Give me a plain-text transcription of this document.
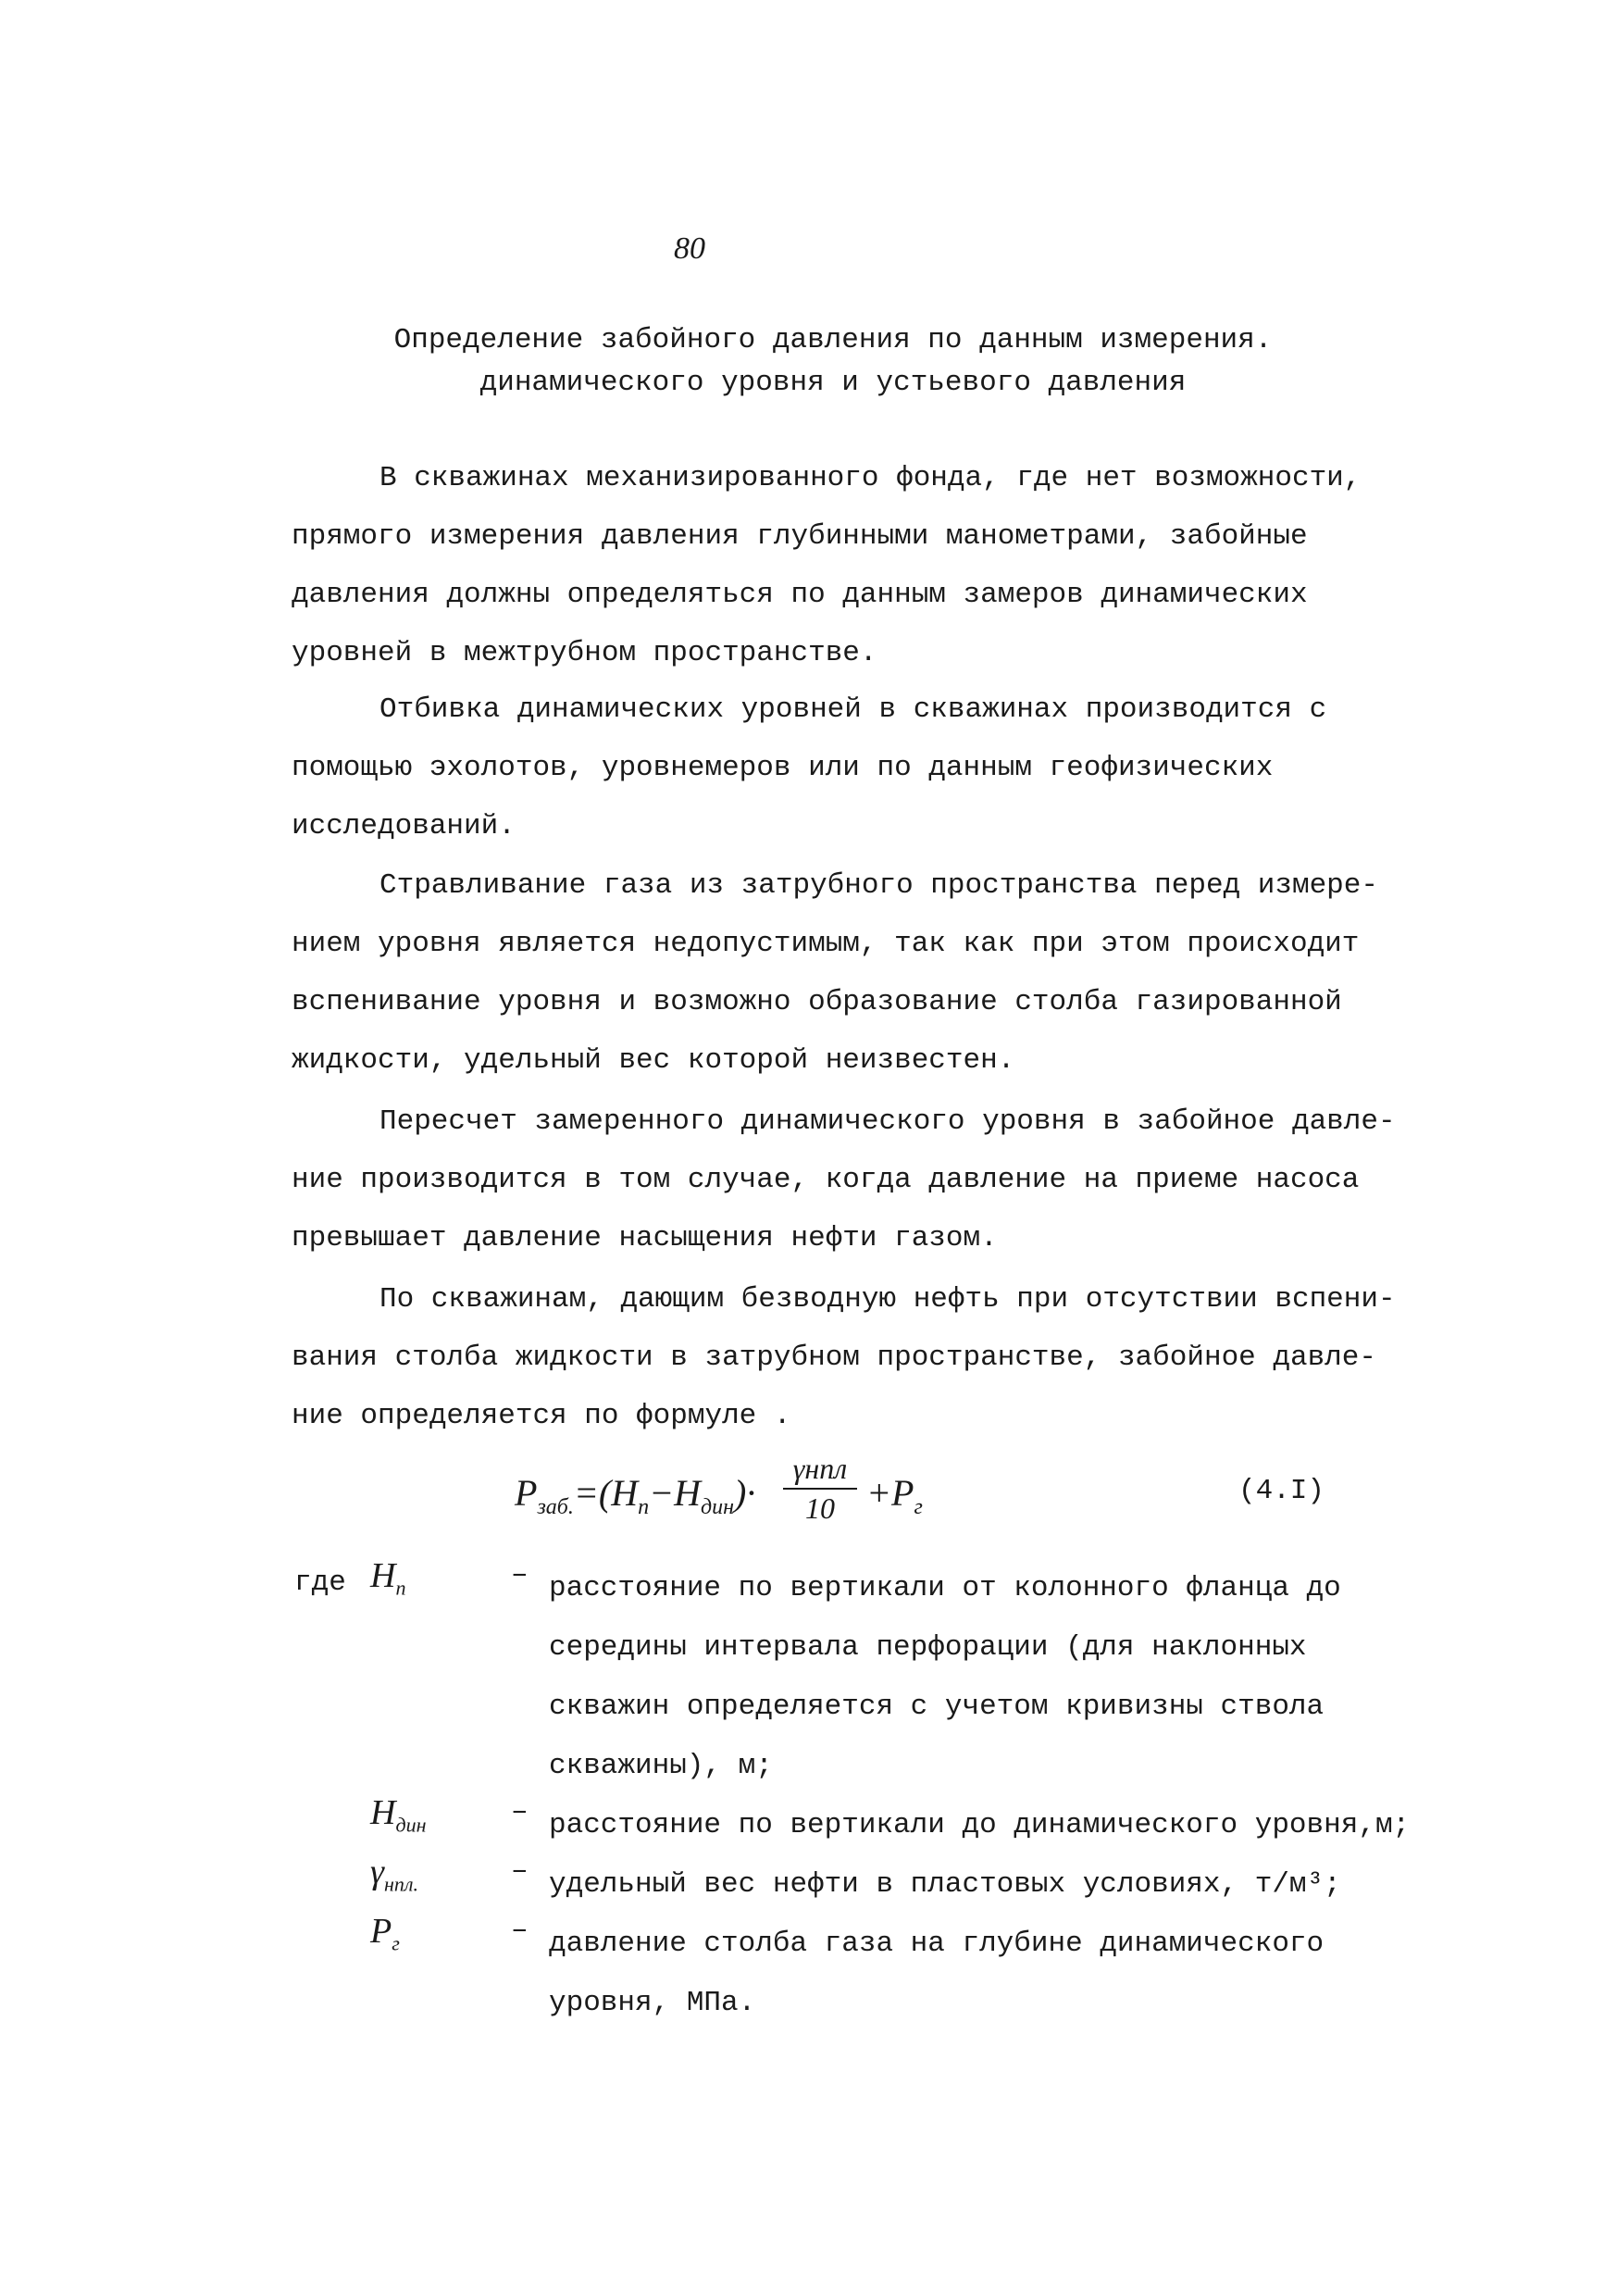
80
Определение забойного давления по данным измерения.
динамического уровня и устьевого давления
В скважинах механизированного фонда, где нет возможности,
прямого измерения давления глубинными манометрами, забойные
давления должны определяться по данным замеров динамических
уровней в межтрубном пространстве.
Отбивка динамических уровней в скважинах производится с
помощью эхолотов, уровнемеров или по данным геофизических
исследований.
Стравливание газа из затрубного пространства перед измере-
нием уровня является недопустимым, так как при этом происходит
вспенивание уровня и возможно образование столба газированной
жидкости, удельный вес которой неизвестен.
Пересчет замеренного динамического уровня в забойное давле-
ние производится в том случае, когда давление на приеме насоса
превышает давление насыщения нефти газом.
По скважинам, дающим безводную нефть при отсутствии вспени-
вания столба жидкости в затрубном пространстве, забойное давле-
ние определяется по формуле .
$P_{заб.}=(H_п-H_{дин})\cdot$
γнпл
$10 +P_г$	(4.I)
где $H_п$	– расстояние по вертикали от колонного фланца до
середины интервала перфорации (для наклонных
скважин определяется с учетом кривизны ствола
скважины), м;
$H_{дин}$	– расстояние по вертикали до динамического уровня,м;
$\gamma_{нпл.}$	– удельный вес нефти в пластовых условиях, т/м³;
$P_г$	– давление столба газа на глубине динамического
уровня, МПа.
